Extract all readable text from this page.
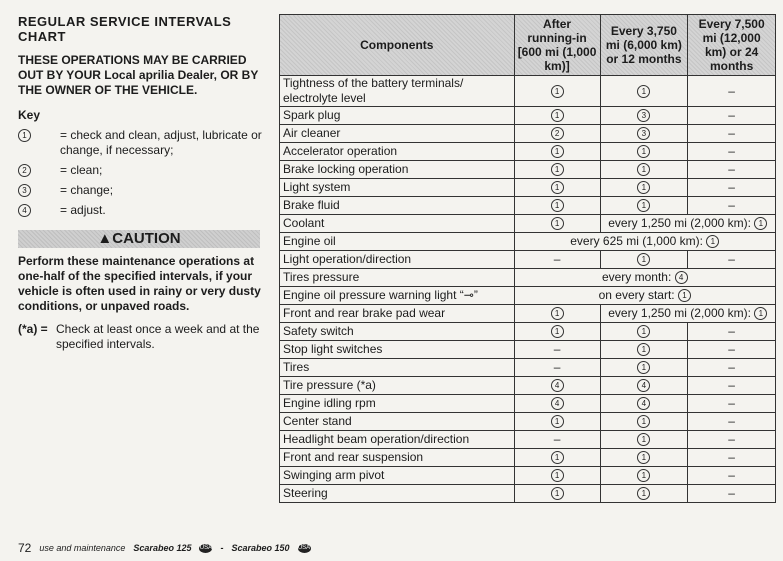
REGULAR SERVICE INTERVALS CHART
THESE OPERATIONS MAY BE CARRIED OUT BY YOUR Local aprilia Dealer, OR BY THE OWNER OF THE VEHICLE.
Key
1	= check and clean, adjust, lubricate or change, if necessary;
2	= clean;
3	= change;
4	= adjust.
▲CAUTION
Perform these maintenance operations at one-half of the specified intervals, if your vehicle is often used in rainy or very dusty conditions, or unpaved roads.
(*a) = Check at least once a week and at the specified intervals.
Components	After running-in [600 mi (1,000 km)]	Every 3,750 mi (6,000 km) or 12 months	Every 7,500 mi (12,000 km) or 24 months
Tightness of the battery terminals/ electrolyte level	1	1	–
Spark plug	1	3	–
Air cleaner	2	3	–
Accelerator operation	1	1	–
Brake locking operation	1	1	–
Light system	1	1	–
Brake fluid	1	1	–
Coolant	1	every 1,250 mi (2,000 km): 1	
Engine oil	every 625 mi (1,000 km): 1		
Light operation/direction	–	1	–
Tires pressure	every month: 4		
Engine oil pressure warning light “⊸”	on every start: 1		
Front and rear brake pad wear	1	every 1,250 mi (2,000 km): 1	
Safety switch	1	1	–
Stop light switches	–	1	–
Tires	–	1	–
Tire pressure (*a)	4	4	–
Engine idling rpm	4	4	–
Center stand	1	1	–
Headlight beam operation/direction	–	1	–
Front and rear suspension	1	1	–
Swinging arm pivot	1	1	–
Steering	1	1	–
72 use and maintenance Scarabeo 125 USA - Scarabeo 150 USA
